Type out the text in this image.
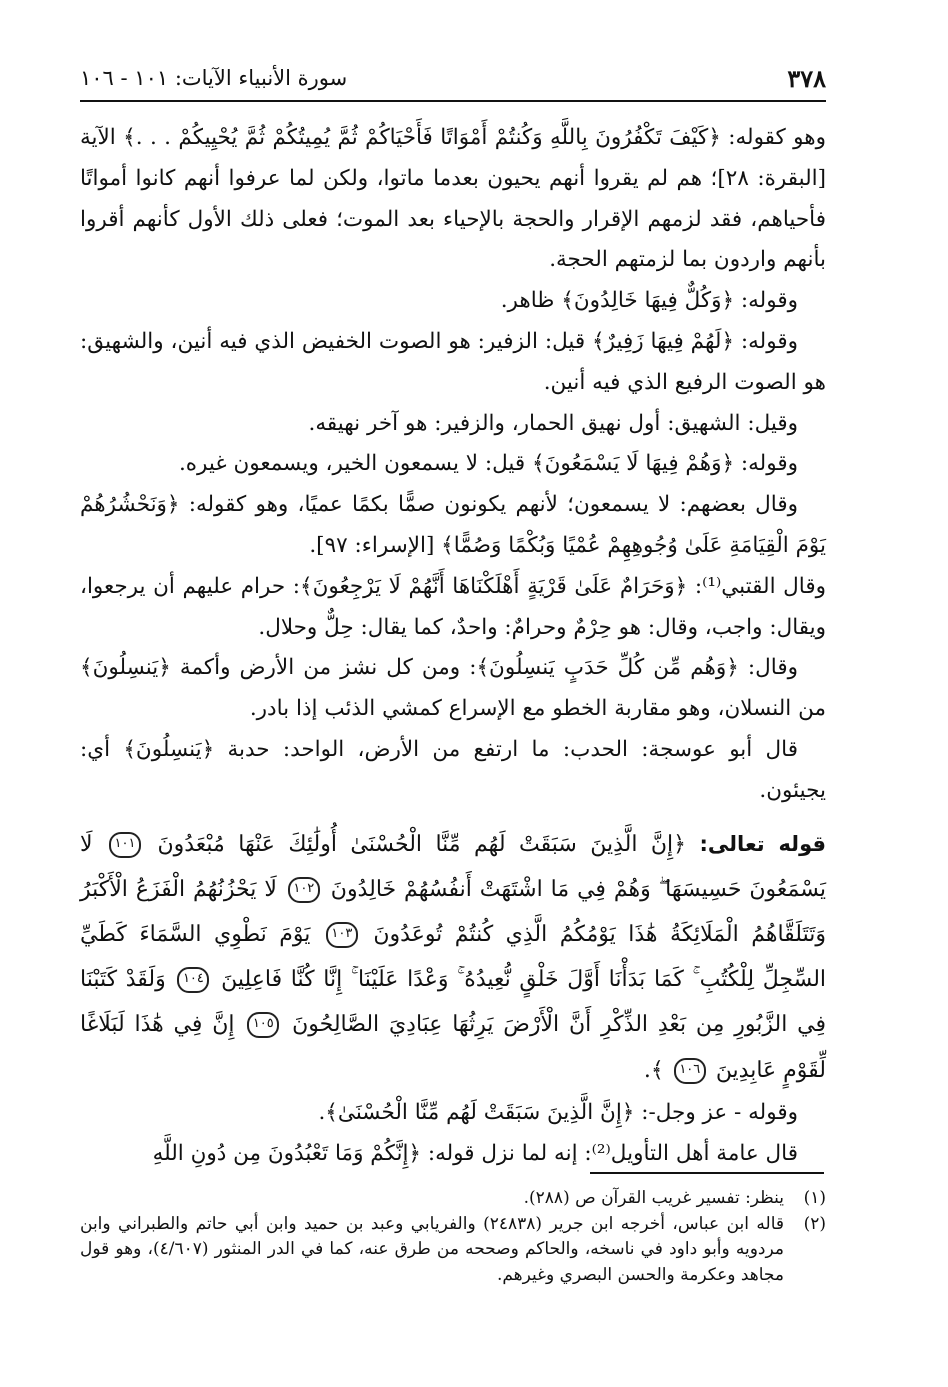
٣٧٨
سورة الأنبياء الآيات: ١٠١ - ١٠٦

وهو كقوله: ﴿كَيْفَ تَكْفُرُونَ بِاللَّهِ وَكُنتُمْ أَمْوَاتًا فَأَحْيَاكُمْ ثُمَّ يُمِيتُكُمْ ثُمَّ يُحْيِيكُمْ . . .﴾ الآية [البقرة: ٢٨]؛ هم لم يقروا أنهم يحيون بعدما ماتوا، ولكن لما عرفوا أنهم كانوا أمواتًا فأحياهم، فقد لزمهم الإقرار والحجة بالإحياء بعد الموت؛ فعلى ذلك الأول كأنهم أقروا بأنهم واردون بما لزمتهم الحجة.

وقوله: ﴿وَكُلٌّ فِيهَا خَالِدُونَ﴾ ظاهر.

وقوله: ﴿لَهُمْ فِيهَا زَفِيرٌ﴾ قيل: الزفير: هو الصوت الخفيض الذي فيه أنين، والشهيق: هو الصوت الرفيع الذي فيه أنين.

وقيل: الشهيق: أول نهيق الحمار، والزفير: هو آخر نهيقه.

وقوله: ﴿وَهُمْ فِيهَا لَا يَسْمَعُونَ﴾ قيل: لا يسمعون الخير، ويسمعون غيره.

وقال بعضهم: لا يسمعون؛ لأنهم يكونون صمًّا بكمًا عميًا، وهو كقوله: ﴿وَنَحْشُرُهُمْ يَوْمَ الْقِيَامَةِ عَلَىٰ وُجُوهِهِمْ عُمْيًا وَبُكْمًا وَصُمًّا﴾ [الإسراء: ٩٧].

وقال القتبي⁽¹⁾: ﴿وَحَرَامٌ عَلَىٰ قَرْيَةٍ أَهْلَكْنَاهَا أَنَّهُمْ لَا يَرْجِعُونَ﴾: حرام عليهم أن يرجعوا، ويقال: واجب، وقال: هو حِرْمٌ وحرامٌ: واحدٌ، كما يقال: حِلٌّ وحلال.

وقال: ﴿وَهُم مِّن كُلِّ حَدَبٍ يَنسِلُونَ﴾: ومن كل نشز من الأرض وأكمة ﴿يَنسِلُونَ﴾ من النسلان، وهو مقاربة الخطو مع الإسراع كمشي الذئب إذا بادر.

قال أبو عوسجة: الحدب: ما ارتفع من الأرض، الواحد: حدبة ﴿يَنسِلُونَ﴾ أي: يجيئون.

قوله تعالى: ﴿إِنَّ الَّذِينَ سَبَقَتْ لَهُم مِّنَّا الْحُسْنَىٰ أُولَٰئِكَ عَنْهَا مُبْعَدُونَ ١٠١ لَا يَسْمَعُونَ حَسِيسَهَا ۖ وَهُمْ فِي مَا اشْتَهَتْ أَنفُسُهُمْ خَالِدُونَ ١٠٢ لَا يَحْزُنُهُمُ الْفَزَعُ الْأَكْبَرُ وَتَتَلَقَّاهُمُ الْمَلَائِكَةُ هَٰذَا يَوْمُكُمُ الَّذِي كُنتُمْ تُوعَدُونَ ١٠٣ يَوْمَ نَطْوِي السَّمَاءَ كَطَيِّ السِّجِلِّ لِلْكُتُبِ ۚ كَمَا بَدَأْنَا أَوَّلَ خَلْقٍ نُّعِيدُهُ ۚ وَعْدًا عَلَيْنَا ۚ إِنَّا كُنَّا فَاعِلِينَ ١٠٤ وَلَقَدْ كَتَبْنَا فِي الزَّبُورِ مِن بَعْدِ الذِّكْرِ أَنَّ الْأَرْضَ يَرِثُهَا عِبَادِيَ الصَّالِحُونَ ١٠٥ إِنَّ فِي هَٰذَا لَبَلَاغًا لِّقَوْمٍ عَابِدِينَ ١٠٦ ﴾.

وقوله - عز وجل-: ﴿إِنَّ الَّذِينَ سَبَقَتْ لَهُم مِّنَّا الْحُسْنَىٰ﴾.

قال عامة أهل التأويل⁽²⁾: إنه لما نزل قوله: ﴿إِنَّكُمْ وَمَا تَعْبُدُونَ مِن دُونِ اللَّهِ

(١)
ينظر: تفسير غريب القرآن ص (٢٨٨).
(٢)
قاله ابن عباس، أخرجه ابن جرير (٢٤٨٣٨) والفريابي وعبد بن حميد وابن أبي حاتم والطبراني وابن مردويه وأبو داود في ناسخه، والحاكم وصححه من طرق عنه، كما في الدر المنثور (٤/٦٠٧)، وهو قول مجاهد وعكرمة والحسن البصري وغيرهم.
